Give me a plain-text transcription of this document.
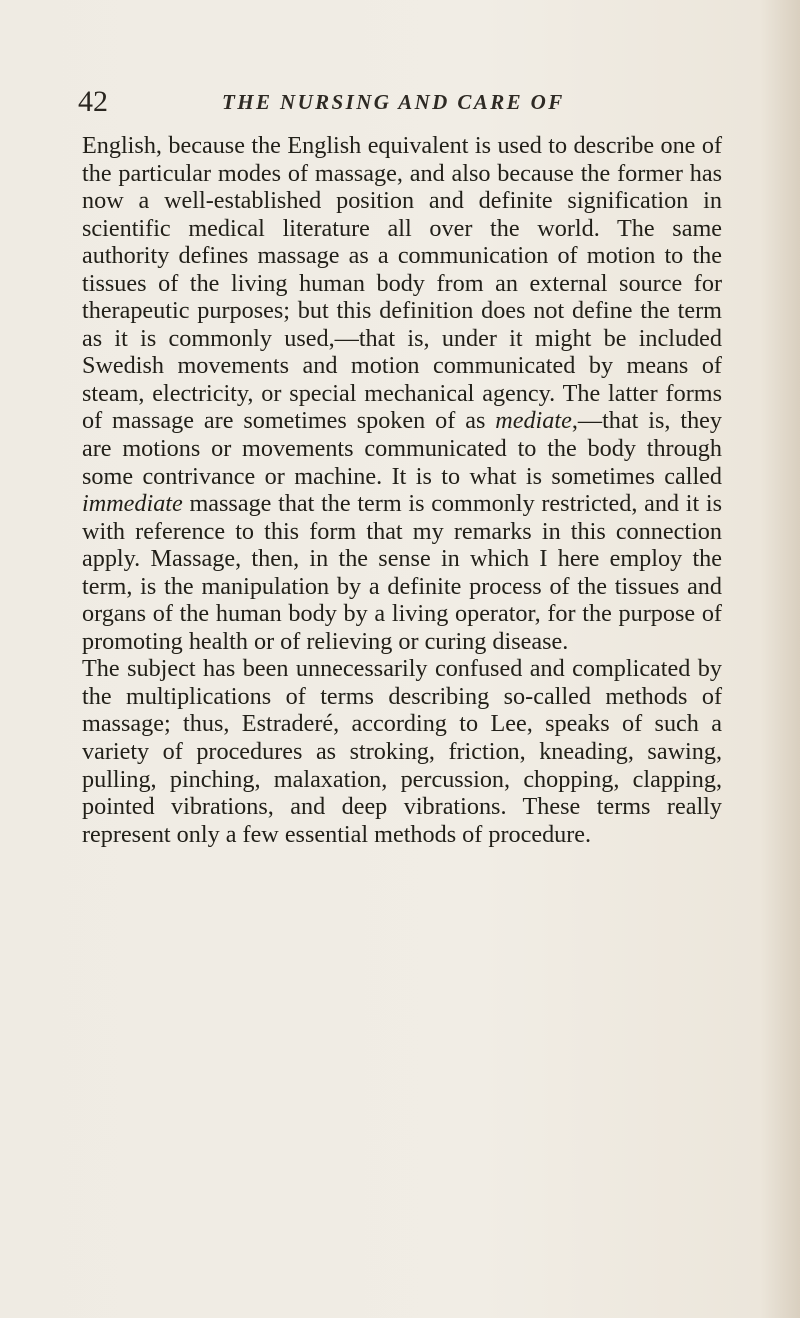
42	THE NURSING AND CARE OF

English, because the English equivalent is used to describe one of the particular modes of massage, and also because the former has now a well-established position and definite signification in scientific medical literature all over the world. The same authority defines massage as a communication of motion to the tissues of the living human body from an external source for therapeutic purposes; but this definition does not define the term as it is commonly used,—that is, under it might be included Swedish movements and motion communicated by means of steam, electricity, or special mechanical agency. The latter forms of massage are sometimes spoken of as mediate,—that is, they are motions or movements communicated to the body through some contrivance or machine. It is to what is sometimes called immediate massage that the term is commonly restricted, and it is with reference to this form that my remarks in this connection apply. Massage, then, in the sense in which I here employ the term, is the manipulation by a definite process of the tissues and organs of the human body by a living operator, for the purpose of promoting health or of relieving or curing disease.

The subject has been unnecessarily confused and complicated by the multiplications of terms describing so-called methods of massage; thus, Estraderé, according to Lee, speaks of such a variety of procedures as stroking, friction, kneading, sawing, pulling, pinching, malaxation, percussion, chopping, clapping, pointed vibrations, and deep vibrations. These terms really represent only a few essential methods of procedure.
